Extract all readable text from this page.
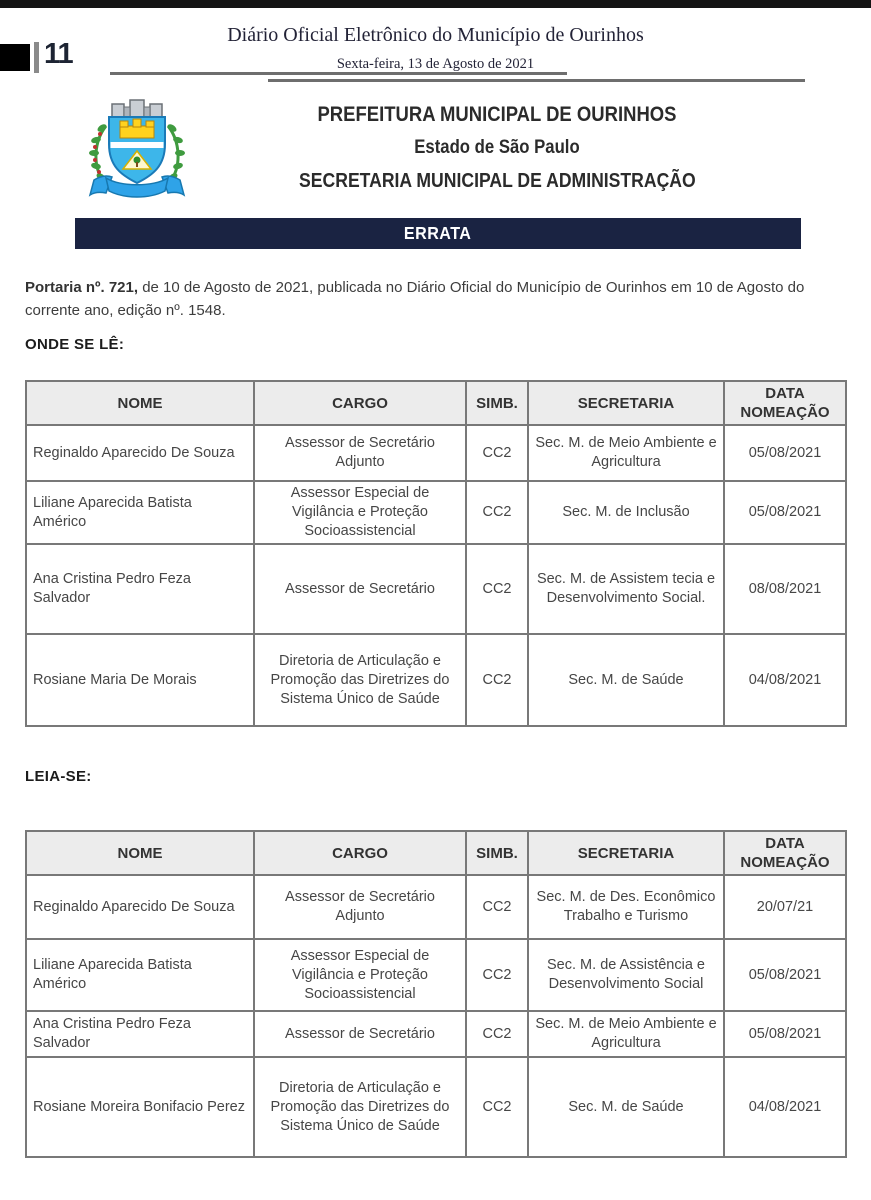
Diário Oficial Eletrônico do Município de Ourinhos
Sexta-feira, 13 de Agosto de 2021
11
PREFEITURA MUNICIPAL DE OURINHOS
Estado de São Paulo
SECRETARIA MUNICIPAL DE ADMINISTRAÇÃO
ERRATA
Portaria nº. 721, de 10 de Agosto de 2021, publicada no Diário Oficial do Município de Ourinhos em 10 de Agosto do corrente ano, edição nº. 1548.
ONDE SE LÊ:
NOME	CARGO	SIMB.	SECRETARIA	DATA NOMEAÇÃO
Reginaldo Aparecido De Souza	Assessor de Secretário Adjunto	CC2	Sec. M. de Meio Ambiente e Agricultura	05/08/2021
Liliane Aparecida Batista Américo	Assessor Especial de Vigilância e Proteção Socioassistencial	CC2	Sec. M. de Inclusão	05/08/2021
Ana Cristina Pedro Feza Salvador	Assessor de Secretário	CC2	Sec. M. de Assistem tecia e Desenvolvimento Social.	08/08/2021
Rosiane Maria De Morais	Diretoria de Articulação e Promoção das Diretrizes do Sistema Único de Saúde	CC2	Sec. M. de Saúde	04/08/2021
LEIA-SE:
NOME	CARGO	SIMB.	SECRETARIA	DATA NOMEAÇÃO
Reginaldo Aparecido De Souza	Assessor de Secretário Adjunto	CC2	Sec. M. de Des. Econômico Trabalho e Turismo	20/07/21
Liliane Aparecida Batista Américo	Assessor Especial de Vigilância e Proteção Socioassistencial	CC2	Sec. M. de Assistência e Desenvolvimento Social	05/08/2021
Ana Cristina Pedro Feza Salvador	Assessor de Secretário	CC2	Sec. M. de Meio Ambiente e Agricultura	05/08/2021
Rosiane Moreira Bonifacio Perez	Diretoria de Articulação e Promoção das Diretrizes do Sistema Único de Saúde	CC2	Sec. M. de Saúde	04/08/2021
